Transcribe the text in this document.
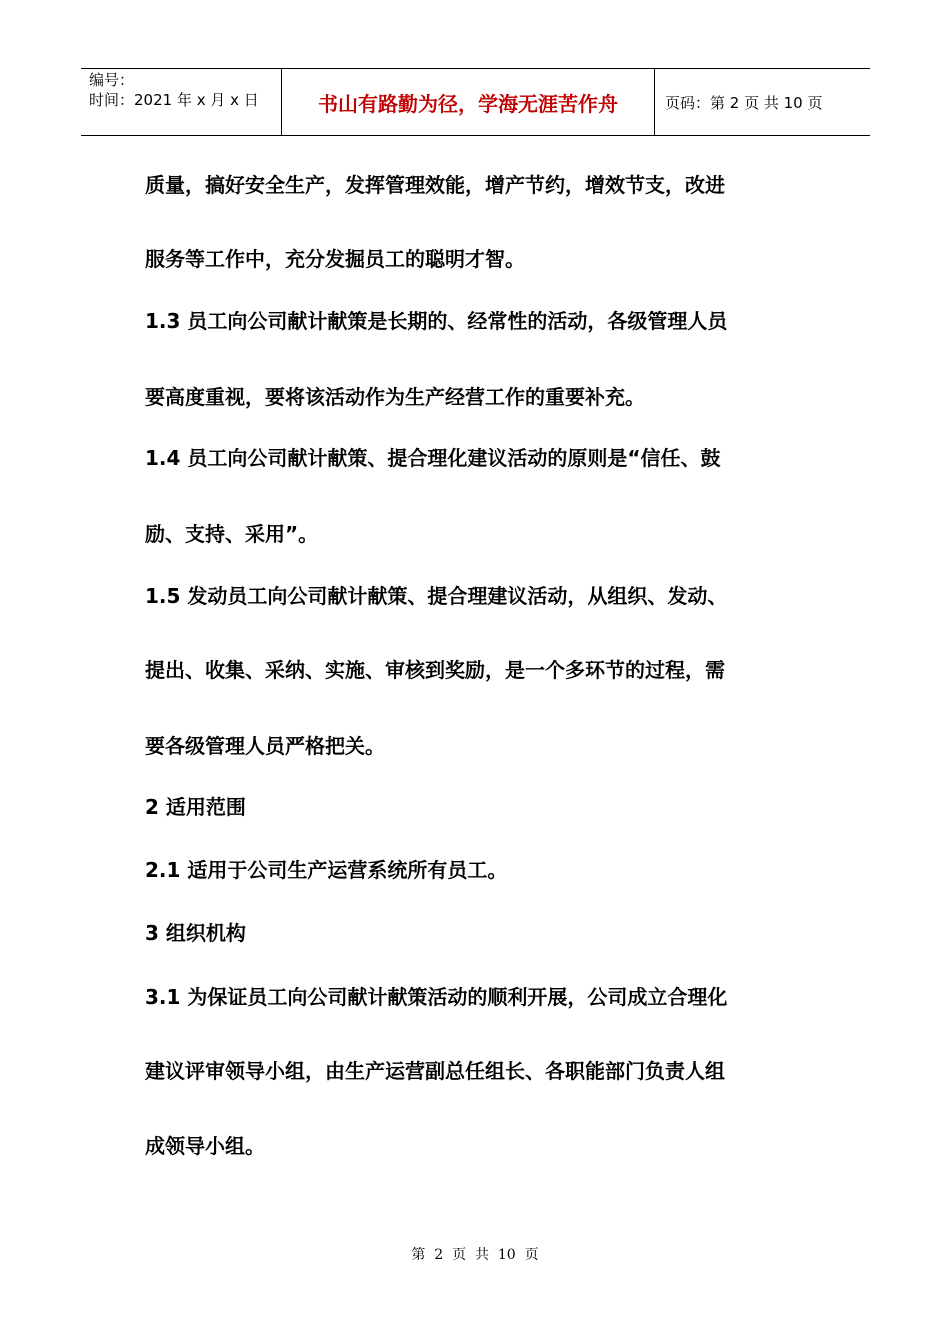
编号：
时间：2021 年 x 月 x 日	书山有路勤为径，学海无涯苦作舟	页码：第 2 页 共 10 页
质量，搞好安全生产，发挥管理效能，增产节约，增效节支，改进
服务等工作中，充分发掘员工的聪明才智。
1.3 员工向公司献计献策是长期的、经常性的活动，各级管理人员
要高度重视，要将该活动作为生产经营工作的重要补充。
1.4 员工向公司献计献策、提合理化建议活动的原则是“信任、鼓
励、支持、采用”。
1.5 发动员工向公司献计献策、提合理建议活动，从组织、发动、
提出、收集、采纳、实施、审核到奖励，是一个多环节的过程，需
要各级管理人员严格把关。
2 适用范围
2.1 适用于公司生产运营系统所有员工。
3 组织机构
3.1 为保证员工向公司献计献策活动的顺利开展，公司成立合理化
建议评审领导小组，由生产运营副总任组长、各职能部门负责人组
成领导小组。
第  2  页  共  10  页
